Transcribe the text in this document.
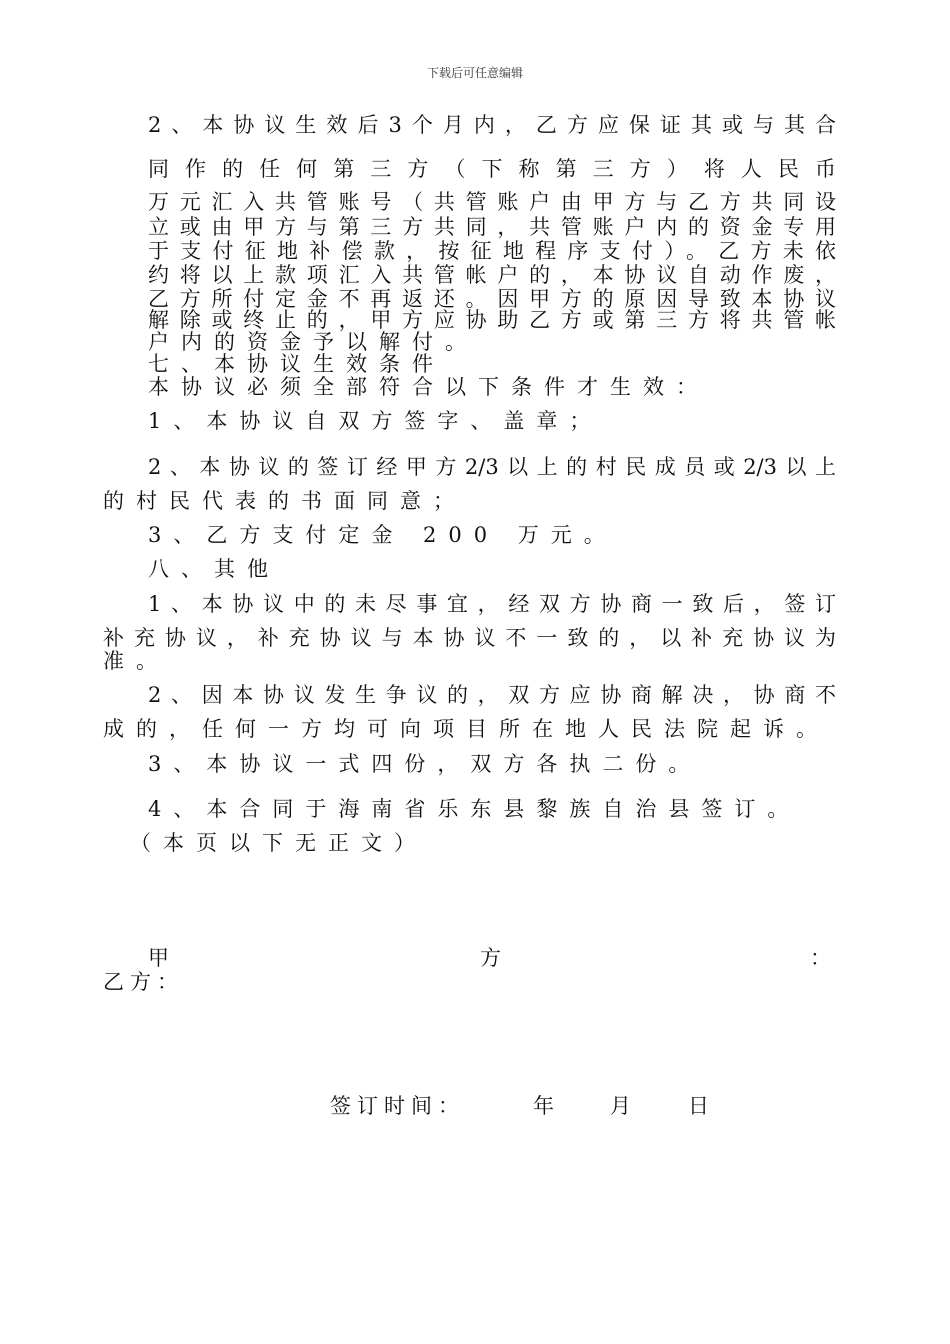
下载后可任意编辑
2、本协议生效后3个月内，乙方应保证其或与其合
同作的任何第三方（下称第三方）将人民币
万元汇入共管账号（共管账户由甲方与乙方共同设
立或由甲方与第三方共同，共管账户内的资金专用
于支付征地补偿款，按征地程序支付）。乙方未依
约将以上款项汇入共管帐户的，本协议自动作废，
乙方所付定金不再返还。因甲方的原因导致本协议
解除或终止的，甲方应协助乙方或第三方将共管帐
户内的资金予以解付。
七、本协议生效条件
本协议必须全部符合以下条件才生效：
1、本协议自双方签字、盖章；
2、本协议的签订经甲方2/3以上的村民成员或2/3以上
的村民代表的书面同意；
3、乙方支付定金 200 万元。
八、其他
1、本协议中的未尽事宜，经双方协商一致后，签订
补充协议，补充协议与本协议不一致的，以补充协议为
准。
2、因本协议发生争议的，双方应协商解决，协商不
成的，任何一方均可向项目所在地人民法院起诉。
3、本协议一式四份，双方各执二份。
4、本合同于海南省乐东县黎族自治县签订。
（本页以下无正文）
甲	方	：
乙方：
签订时间：	年	月	日
